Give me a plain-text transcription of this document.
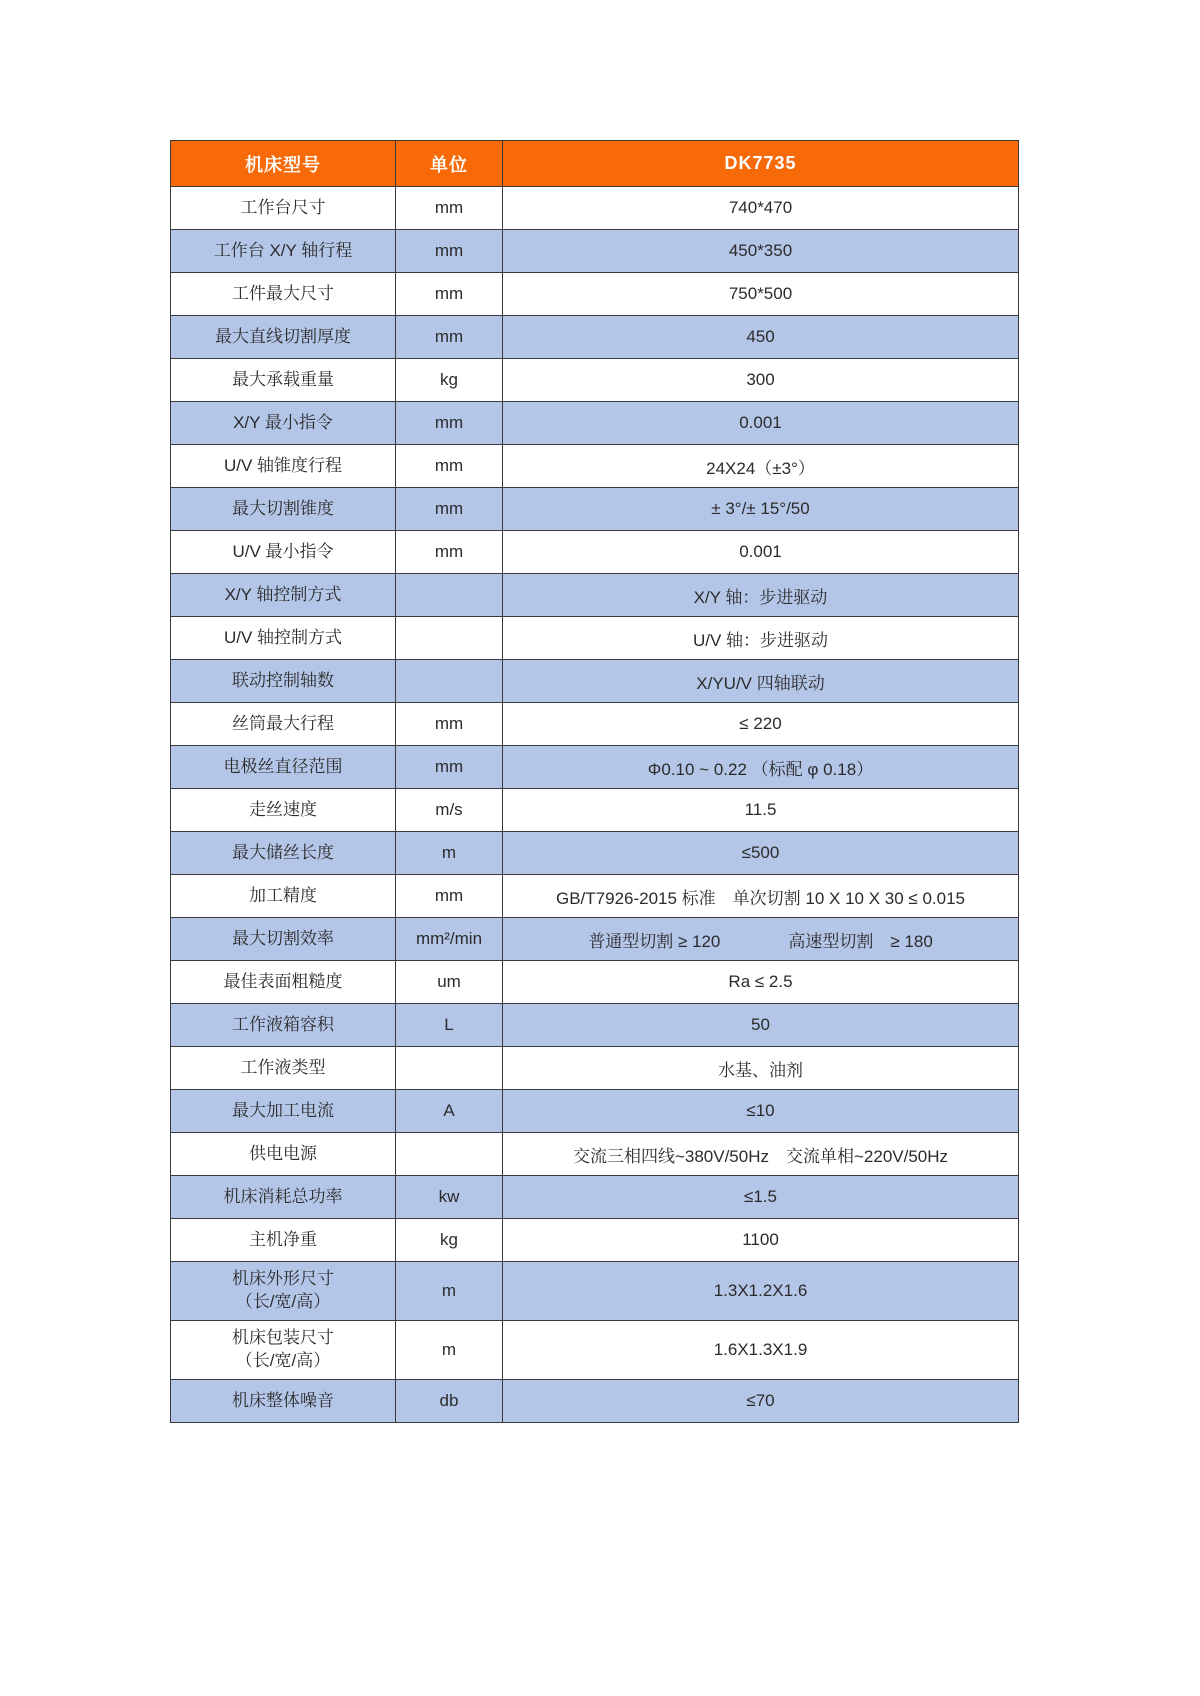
机床型号	单位	DK7735
工作台尺寸	mm	740*470
工作台 X/Y 轴行程	mm	450*350
工件最大尺寸	mm	750*500
最大直线切割厚度	mm	450
最大承载重量	kg	300
X/Y 最小指令	mm	0.001
U/V 轴锥度行程	mm	24X24（±3°）
最大切割锥度	mm	± 3°/± 15°/50
U/V 最小指令	mm	0.001
X/Y 轴控制方式		X/Y 轴：步进驱动
U/V 轴控制方式		U/V 轴：步进驱动
联动控制轴数		X/YU/V 四轴联动
丝筒最大行程	mm	≤ 220
电极丝直径范围	mm	Φ0.10 ~ 0.22 （标配 φ 0.18）
走丝速度	m/s	11.5
最大储丝长度	m	≤500
加工精度	mm	GB/T7926-2015 标准　单次切割 10 X 10 X 30 ≤ 0.015
最大切割效率	mm²/min	普通型切割 ≥ 120　　　　高速型切割　≥ 180
最佳表面粗糙度	um	Ra ≤ 2.5
工作液箱容积	L	50
工作液类型		水基、油剂
最大加工电流	A	≤10
供电电源		交流三相四线~380V/50Hz　交流单相~220V/50Hz
机床消耗总功率	kw	≤1.5
主机净重	kg	1100
机床外形尺寸
（长/宽/高）	m	1.3X1.2X1.6
机床包装尺寸
（长/宽/高）	m	1.6X1.3X1.9
机床整体噪音	db	≤70
